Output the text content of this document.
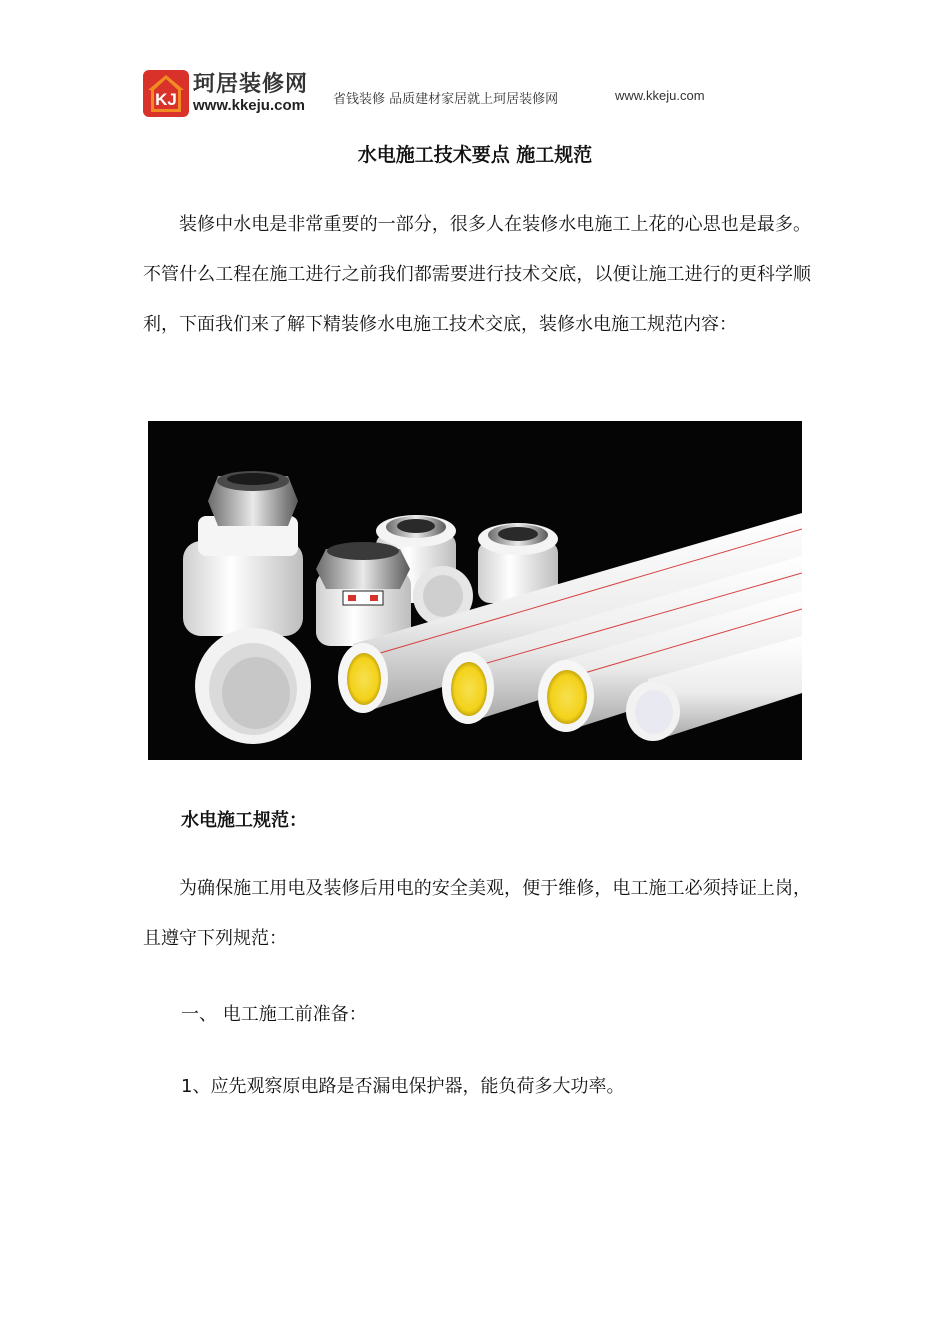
KJ
珂居装修网
www.kkeju.com 省钱装修 品质建材家居就上珂居装修网	www.kkeju.com
水电施工技术要点 施工规范

装修中水电是非常重要的一部分，很多人在装修水电施工上花的心思也是最多。不管什么工程在施工进行之前我们都需要进行技术交底，以便让施工进行的更科学顺利，下面我们来了解下精装修水电施工技术交底，装修水电施工规范内容：

水电施工规范：

为确保施工用电及装修后用电的安全美观，便于维修，电工施工必须持证上岗，且遵守下列规范：

一、 电工施工前准备：
1、应先观察原电路是否漏电保护器，能负荷多大功率。
